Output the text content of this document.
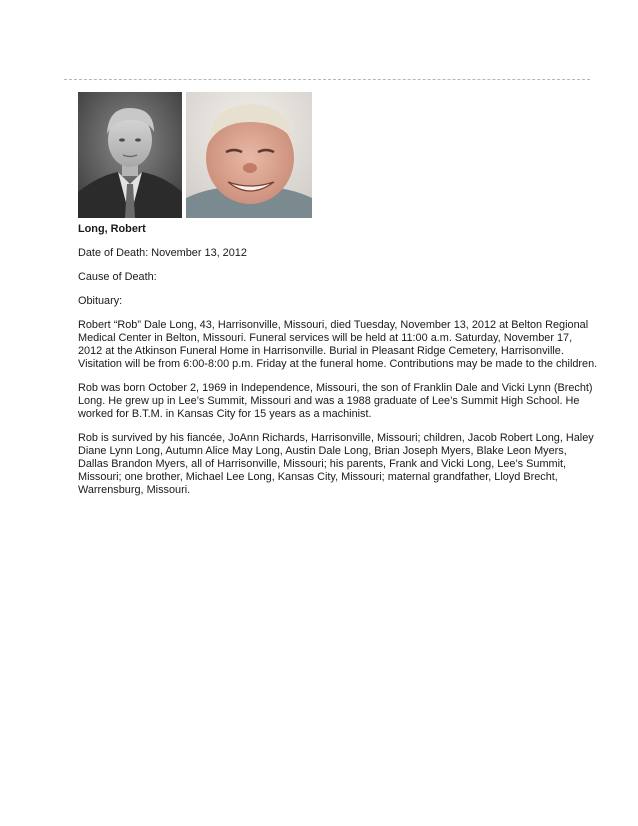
Long, Robert

Date of Death: November 13, 2012

Cause of Death:

Obituary:

Robert “Rob” Dale Long, 43, Harrisonville, Missouri, died Tuesday, November 13, 2012 at Belton Regional Medical Center in Belton, Missouri. Funeral services will be held at 11:00 a.m. Saturday, November 17, 2012 at the Atkinson Funeral Home in Harrisonville. Burial in Pleasant Ridge Cemetery, Harrisonville. Visitation will be from 6:00-8:00 p.m. Friday at the funeral home. Contributions may be made to the children.

Rob was born October 2, 1969 in Independence, Missouri, the son of Franklin Dale and Vicki Lynn (Brecht) Long. He grew up in Lee’s Summit, Missouri and was a 1988 graduate of Lee’s Summit High School. He worked for B.T.M. in Kansas City for 15 years as a machinist.

Rob is survived by his fiancée, JoAnn Richards, Harrisonville, Missouri; children, Jacob Robert Long, Haley Diane Lynn Long, Autumn Alice May Long, Austin Dale Long, Brian Joseph Myers, Blake Leon Myers, Dallas Brandon Myers, all of Harrisonville, Missouri; his parents, Frank and Vicki Long, Lee’s Summit, Missouri; one brother, Michael Lee Long, Kansas City, Missouri; maternal grandfather, Lloyd Brecht, Warrensburg, Missouri.
